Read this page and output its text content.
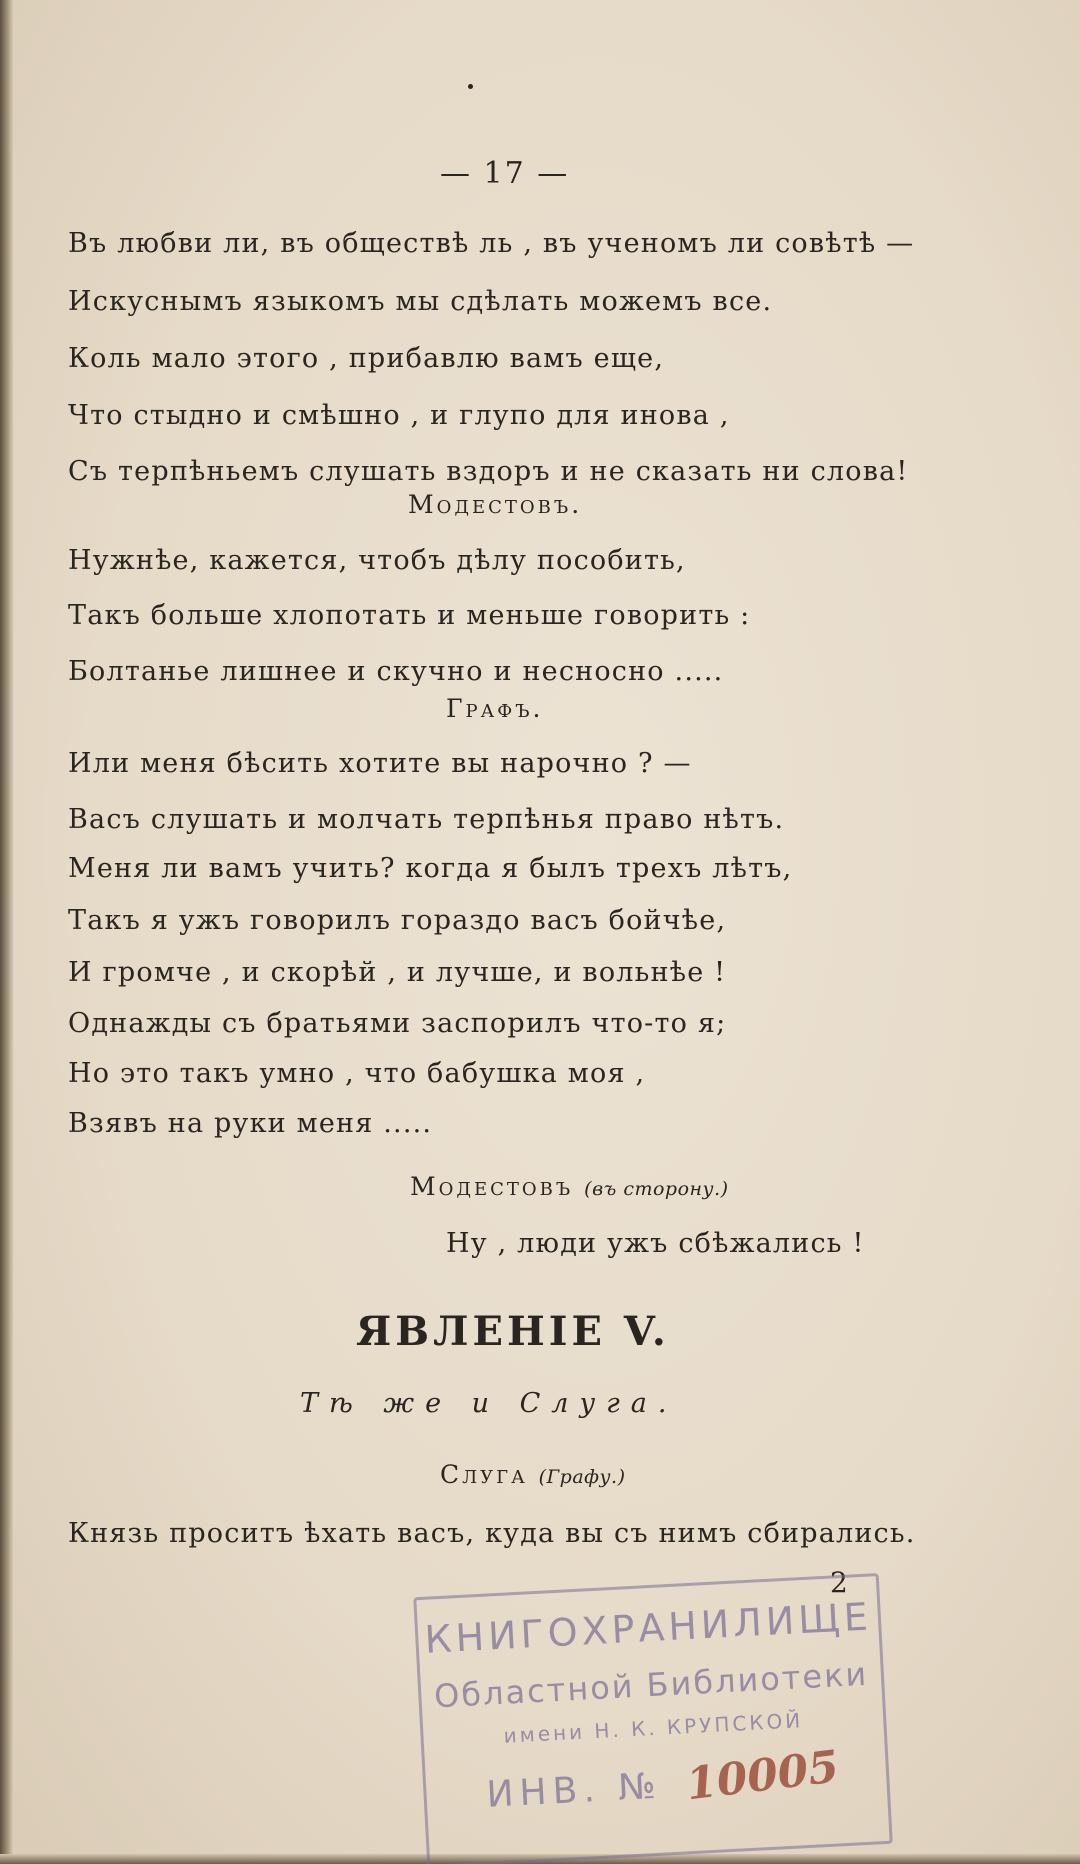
— 17 —
Въ любви ли, въ обществѣ ль , въ ученомъ ли совѣтѣ —
Искуснымъ языкомъ мы сдѣлать можемъ все.
Коль мало этого , прибавлю вамъ еще,
Что стыдно и смѣшно , и глупо для инова ,
Съ терпѣньемъ слушать вздоръ и не сказать ни слова!
Модестовъ.
Нужнѣе, кажется, чтобъ дѣлу пособить,
Такъ больше хлопотать и меньше говорить :
Болтанье лишнее и скучно и несносно .....
Графъ.
Или меня бѣсить хотите вы нарочно ? —
Васъ слушать и молчать терпѣнья право нѣтъ.
Меня ли вамъ учить? когда я былъ трехъ лѣтъ,
Такъ я ужъ говорилъ гораздо васъ бойчѣе,
И громче , и скорѣй , и лучше, и вольнѣе !
Однажды съ братьями заспорилъ что-то я;
Но это такъ умно , что бабушка моя ,
Взявъ на руки меня .....
Модестовъ (въ сторону.)
Ну , люди ужъ сбѣжались !
ЯВЛЕНІЕ V.
Тѣ же и Слуга.
Слуга (Графу.)
Князь проситъ ѣхать васъ, куда вы съ нимъ сбирались.
2
КНИГОХРАНИЛИЩЕ
Областной Библиотеки
имени Н. К. КРУПСКОЙ
ИНВ. № 10005
